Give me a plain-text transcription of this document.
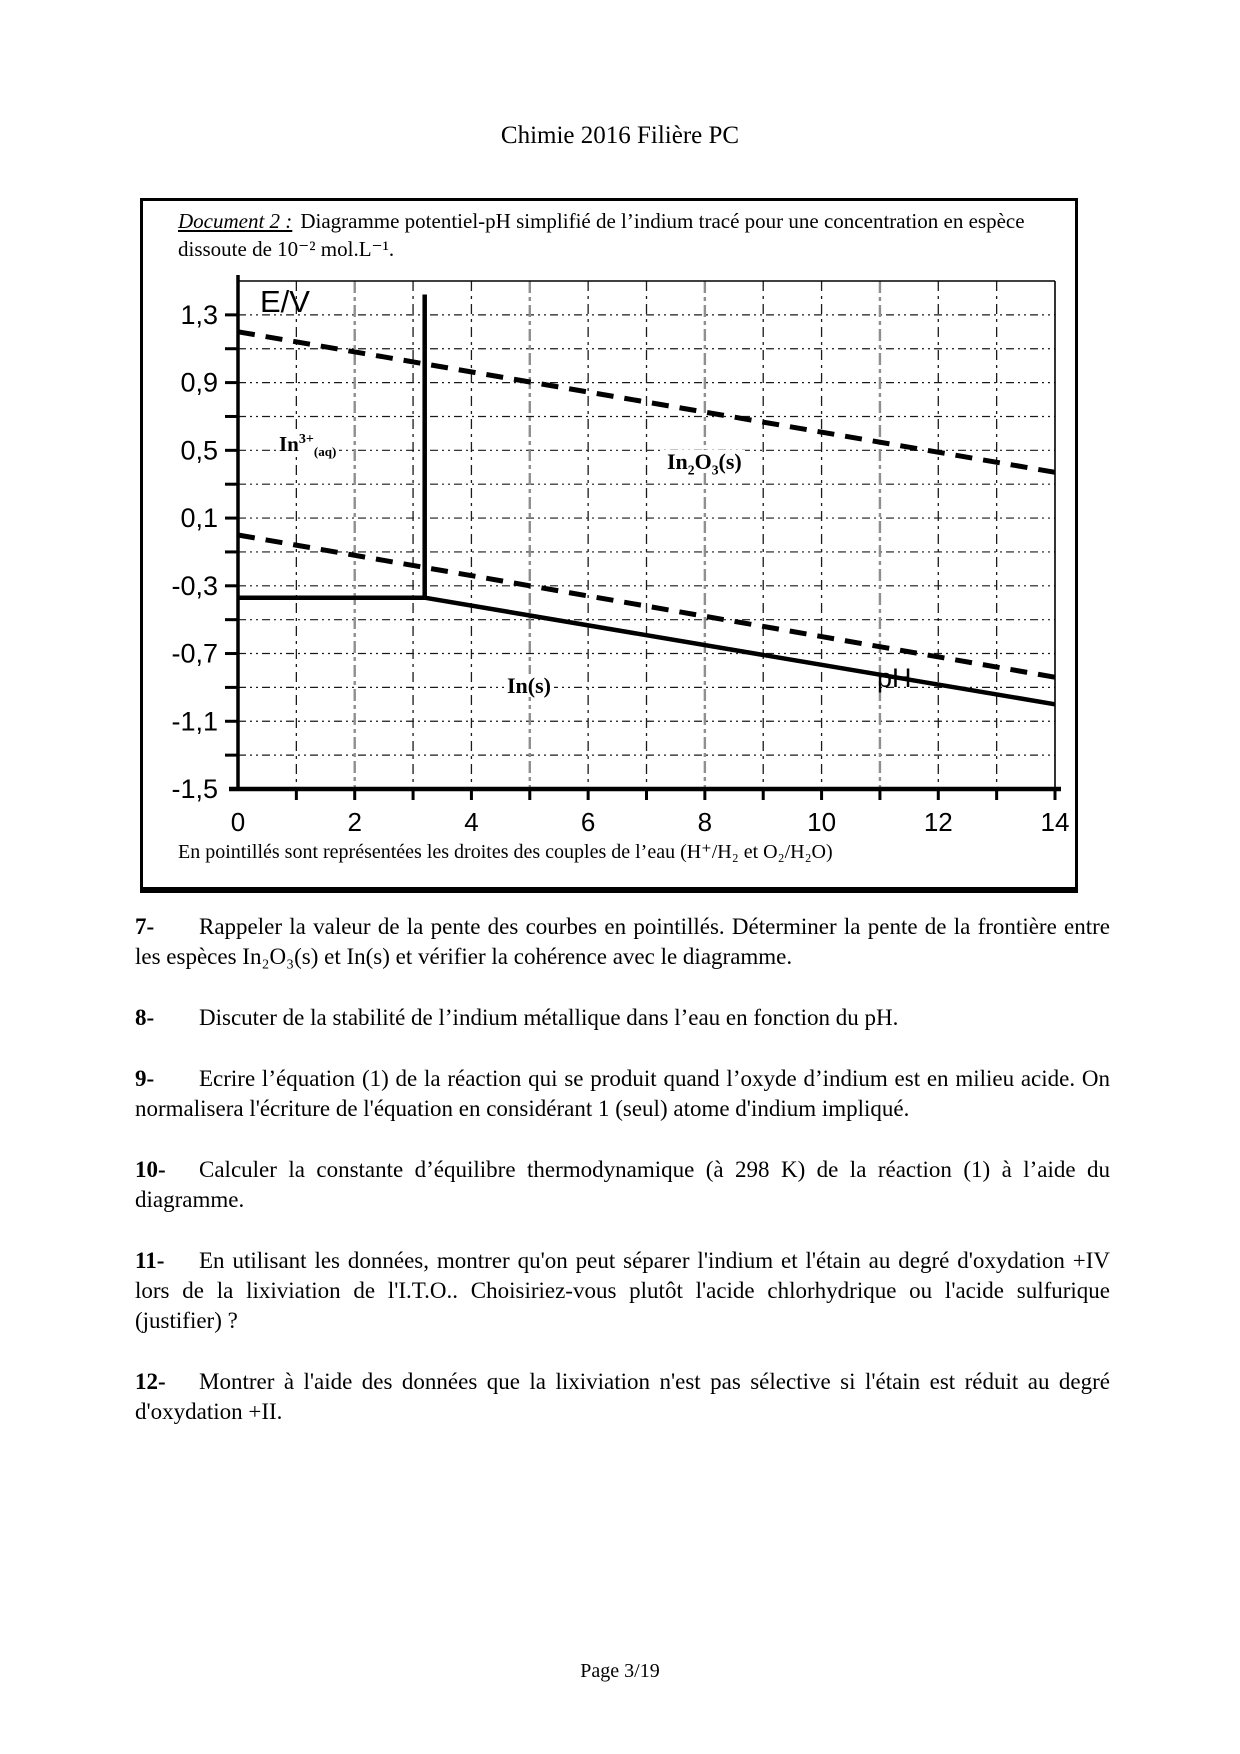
Chimie 2016 Filière PC
Document 2 : Diagramme potentiel-pH simplifié de l’indium tracé pour une concentration en espèce dissoute de 10⁻² mol.L⁻¹.
1,3
0,9
0,5
0,1
-0,3
-0,7
-1,1
-1,5
0	2	4	6	8	10	12	14
E/V
pH
$In^{3+}_{(aq)}$	$In_2O_3(s)$
In(s)
En pointillés sont représentées les droites des couples de l’eau (H⁺/H₂ et O₂/H₂O)

7- Rappeler la valeur de la pente des courbes en pointillés. Déterminer la pente de la frontière entre les espèces In₂O₃(s) et In(s) et vérifier la cohérence avec le diagramme.

8- Discuter de la stabilité de l’indium métallique dans l’eau en fonction du pH.

9- Ecrire l’équation (1) de la réaction qui se produit quand l’oxyde d’indium est en milieu acide. On normalisera l'écriture de l'équation en considérant 1 (seul) atome d'indium impliqué.

10- Calculer la constante d’équilibre thermodynamique (à 298 K) de la réaction (1) à l’aide du diagramme.

11- En utilisant les données, montrer qu'on peut séparer l'indium et l'étain au degré d'oxydation +IV lors de la lixiviation de l'I.T.O.. Choisiriez-vous plutôt l'acide chlorhydrique ou l'acide sulfurique (justifier) ?

12- Montrer à l'aide des données que la lixiviation n'est pas sélective si l'étain est réduit au degré d'oxydation +II.

Page 3/19
